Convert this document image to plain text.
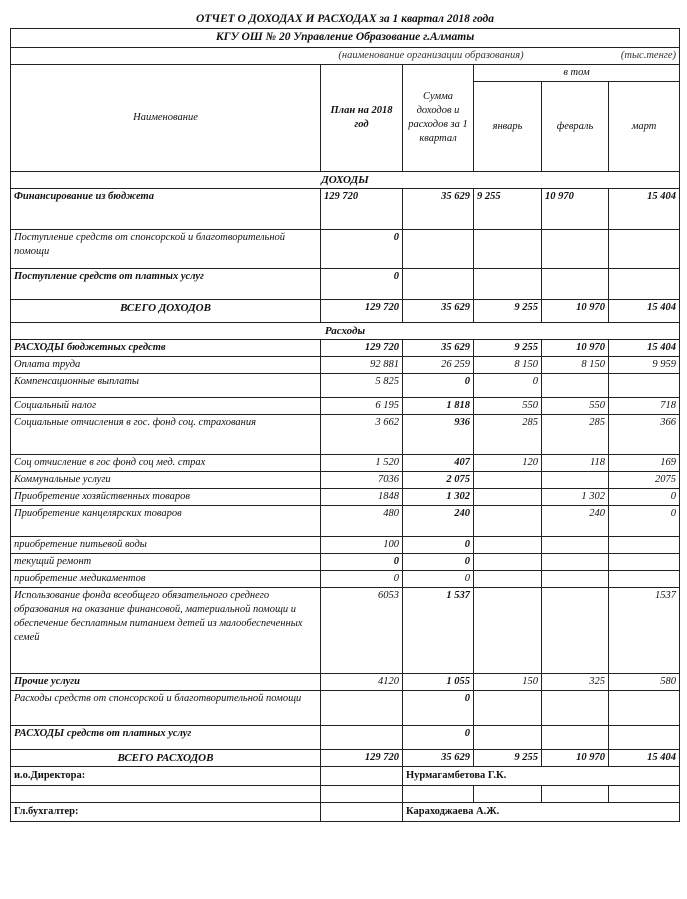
ОТЧЕТ О ДОХОДАХ И РАСХОДАХ за 1 квартал 2018 года					
КГУ ОШ № 20 Управление Образование г.Алматы					
	(наименование организации образования)				(тыс.тенге)
Наименование	План на 2018 год	Сумма доходов и расходов за 1 квартал	в том		
			январь	февраль	март
ДОХОДЫ					
Финансирование из бюджета	129 720	35 629	9 255	10 970	15 404
Поступление средств от спонсорской и благотворительной помощи	0				
Поступление средств от платных услуг	0				
ВСЕГО ДОХОДОВ	129 720	35 629	9 255	10 970	15 404
Расходы					
РАСХОДЫ бюджетных средств	129 720	35 629	9 255	10 970	15 404
Оплата труда	92 881	26 259	8 150	8 150	9 959
Компенсационные выплаты	5 825	0	0		
Социальный налог	6 195	1 818	550	550	718
Социальные отчисления в гос. фонд соц. страхования	3 662	936	285	285	366
Соц отчисление в гос фонд соц мед. страх	1 520	407	120	118	169
Коммунальные услуги	7036	2 075			2075
Приобретение хозяйственных товаров	1848	1 302		1 302	0
Приобретение канцелярских товаров	480	240		240	0
приобретение питьевой воды	100	0			
текущий ремонт	0	0			
приобретение медикаментов	0	0			
Использование фонда всеобщего обязательного среднего образования на оказание финансовой, материальной помощи и обеспечение бесплатным питанием детей из малообеспеченных семей	6053	1 537			1537
Прочие услуги	4120	1 055	150	325	580
Расходы средств от спонсорской и благотворительной помощи		0			
РАСХОДЫ средств от платных услуг		0			
ВСЕГО РАСХОДОВ	129 720	35 629	9 255	10 970	15 404
и.о.Директора:		Нурмагамбетова Г.К.			

Гл.бухгалтер:		Караходжаева А.Ж.			
